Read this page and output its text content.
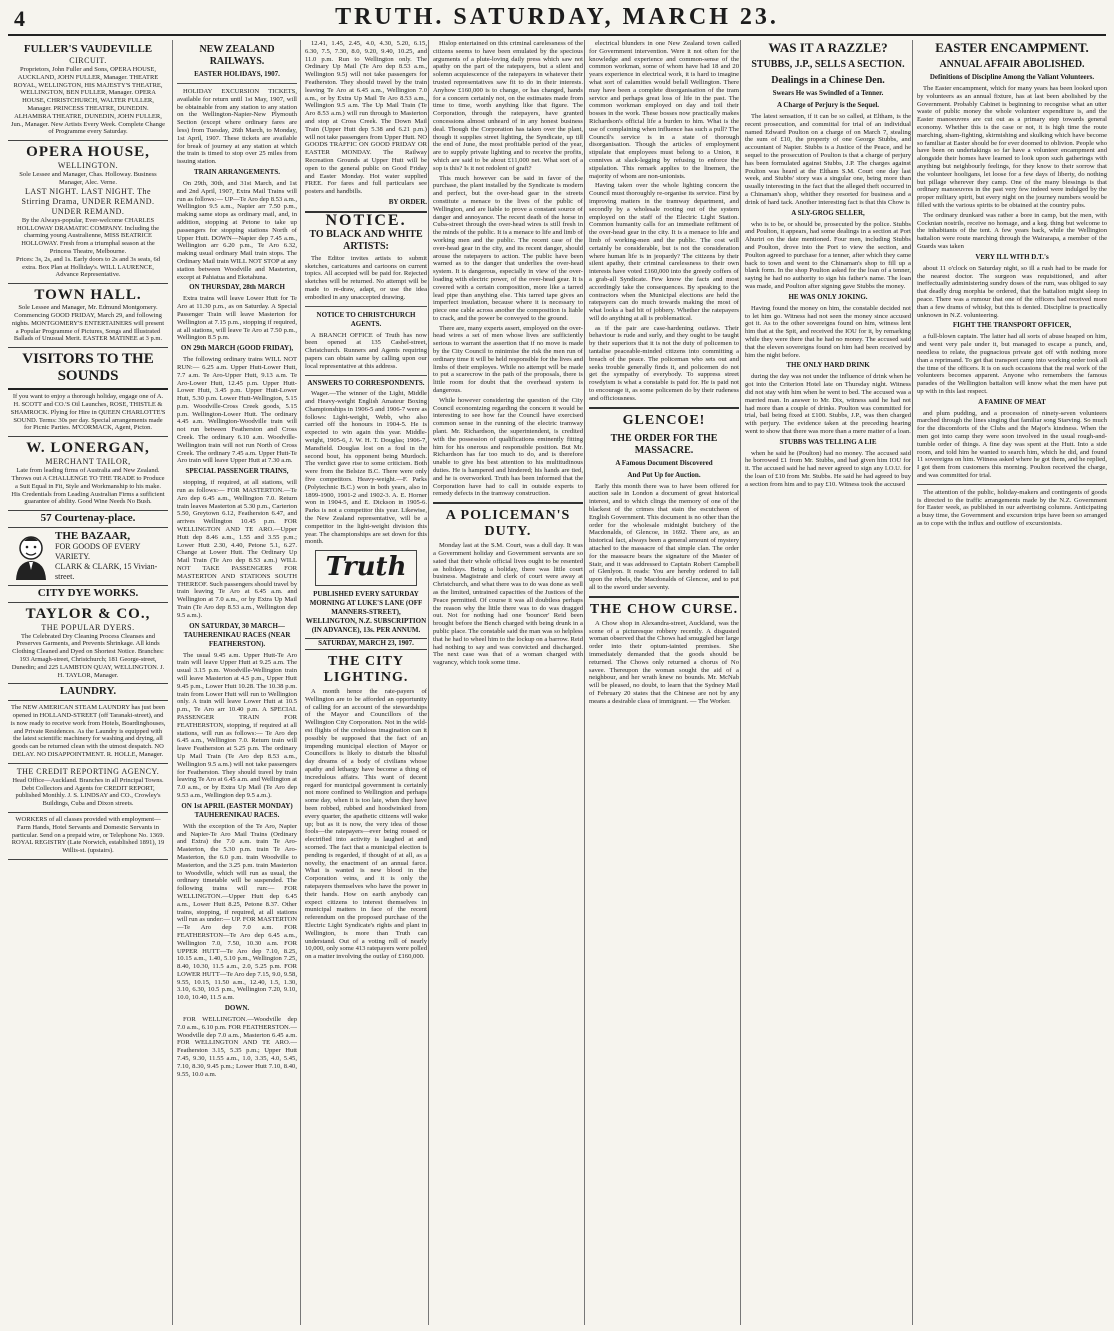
4	TRUTH. SATURDAY, MARCH 23.
FULLER'S VAUDEVILLE
CIRCUIT.
Proprietors, John Fuller and Sons, OPERA HOUSE, AUCKLAND, JOHN FULLER, Manager. THEATRE ROYAL, WELLINGTON, HIS MAJESTY'S THEATRE, WELLINGTON, BEN FULLER, Manager. OPERA HOUSE, CHRISTCHURCH, WALTER FULLER, Manager. PRINCESS THEATRE, DUNEDIN. ALHAMBRA THEATRE, DUNEDIN, JOHN FULLER, Jun., Manager. New Artists Every Week. Complete Change of Programme every Saturday.
OPERA HOUSE,
WELLINGTON.
Sole Lessee and Manager, Chas. Holloway. Business Manager, Alec. Verne.
LAST NIGHT. LAST NIGHT. The Stirring Drama, UNDER REMAND. UNDER REMAND.
By the Always-popular, Ever-welcome CHARLES HOLLOWAY DRAMATIC COMPANY. Including the charming young Australienne, MISS BEATRICE HOLLOWAY. Fresh from a triumphal season at the Princess Theatre, Melbourne.
Prices: 3s, 2s, and 1s. Early doors to 2s and 3s seats, 6d extra. Box Plan at Holliday's. WILL LAURENCE, Advance Representative.
TOWN HALL.
Sole Lessee and Manager, Mr. Edmund Montgomery. Commencing GOOD FRIDAY, March 29, and following nights. MONTGOMERY'S ENTERTAINERS will present a Popular Programme of Pictures, Songs and Illustrated Ballads of Unusual Merit. EASTER MATINEE at 3 p.m.
VISITORS TO THE SOUNDS
If you want to enjoy a thorough holiday, engage one of A. H. SCOTT and CO.'S Oil Launches, ROSE, THISTLE & SHAMROCK. Plying for Hire in QUEEN CHARLOTTE'S SOUND. Terms: 30s per day. Special arrangements made for Picnic Parties. M'CORMACK, Agent, Picton.
W. LONERGAN,
MERCHANT TAILOR,
Late from leading firms of Australia and New Zealand. Throws out A CHALLENGE TO THE TRADE to Produce a Suit Equal in Fit, Style and Workmanship to his make. His Credentials from Leading Australian Firms a sufficient guarantee of ability. Good Wine Needs No Bush.
57 Courtenay-place.
THE BAZAAR,
FOR GOODS OF EVERY VARIETY.
CLARK & CLARK, 15 Vivian-street.
CITY DYE WORKS.
TAYLOR & CO.,
THE POPULAR DYERS.
The Celebrated Dry Cleaning Process Cleanses and Preserves Garments, and Prevents Shrinkage. All kinds Clothing Cleaned and Dyed on Shortest Notice. Branches: 193 Armagh-street, Christchurch; 181 George-street, Dunedin; and 225 LAMBTON QUAY, WELLINGTON. J. H. TAYLOR, Manager.
LAUNDRY.
The NEW AMERICAN STEAM LAUNDRY has just been opened in HOLLAND-STREET (off Taranaki-street), and is now ready to receive work from Hotels, Boardinghouses, and Private Residences. As the Laundry is equipped with the latest scientific machinery for washing and drying, all goods can be returned clean with the utmost despatch. NO DELAY. NO DISAPPOINTMENT. R. HOLLE, Manager.
THE CREDIT REPORTING AGENCY.
Head Office—Auckland. Branches in all Principal Towns. Debt Collectors and Agents for CREDIT REPORT, published Monthly. J. S. LINDSAY and CO., Crowley's Buildings, Cuba and Dixon streets.
WORKERS of all classes provided with employment—Farm Hands, Hotel Servants and Domestic Servants in particular. Send on a prepaid wire, or Telephone No. 1369. ROYAL REGISTRY (Late Norwich, established 1891), 19 Willis-st. (upstairs).
NEW ZEALAND RAILWAYS.
EASTER HOLIDAYS, 1907.

HOLIDAY EXCURSION TICKETS, available for return until 1st May, 1907, will be obtainable from any station to any station on the Wellington-Napier-New Plymouth Section (except where ordinary fares are less) from Tuesday, 26th March, to Monday, 1st April, 1907. These tickets are available for break of journey at any station at which the train is timed to stop over 25 miles from issuing station.

TRAIN ARRANGEMENTS.

On 29th, 30th, and 31st March, and 1st and 2nd April, 1907, Extra Mail Trains will run as follows:— UP—Te Aro dep 8.53 a.m., Wellington 9.5 a.m., Napier arr 7.50 p.m., making same stops as ordinary mail, and, in addition, stopping at Petone to take up passengers for stopping stations North of Upper Hutt. DOWN—Napier dep 7.45 a.m., Wellington arr 6.20 p.m., Te Aro 6.32, making usual ordinary Mail train stops. The Ordinary Mail train WILL NOT STOP at any station between Woodville and Masterton, except at Pahiatua and Eketahuna.

ON THURSDAY, 28th MARCH

Extra trains will leave Lower Hutt for Te Aro at 11.30 p.m., as on Saturday. A Special Passenger Train will leave Masterton for Wellington at 7.15 p.m., stopping if required, at all stations, will leave Te Aro at 7.50 p.m., Wellington 8.5 p.m.

ON 29th MARCH (GOOD FRIDAY),

The following ordinary trains WILL NOT RUN:— 6.25 a.m. Upper Hutt-Lower Hutt, 7.7 a.m. Te Aro-Upper Hutt, 9.13 a.m. Te Aro-Lower Hutt, 12.45 p.m. Upper Hutt-Lower Hutt, 3.45 p.m. Upper Hutt-Lower Hutt, 5.30 p.m. Lower Hutt-Wellington, 5.15 p.m. Woodville-Cross Creek goods, 5.15 p.m. Wellington-Lower Hutt. The ordinary 4.45 a.m. Wellington-Woodville train will not run between Featherston and Cross Creek. The ordinary 6.10 a.m. Woodville-Wellington train will not run North of Cross Creek. The ordinary 7.45 a.m. Upper Hutt-Te Aro train will leave Upper Hutt at 7.30 a.m.

SPECIAL PASSENGER TRAINS,

stopping, if required, at all stations, will run as follows:— FOR MASTERTON.—Te Aro dep 6.45 a.m., Wellington 7.0. Return train leaves Masterton at 5.30 p.m., Carterton 5.50, Greytown 6.12, Featherston 6.47, and arrives Wellington 10.45 p.m. FOR WELLINGTON AND TE ARO.—Upper Hutt dep 8.46 a.m., 1.55 and 3.55 p.m.; Lower Hutt 2.30, 4.40, Petone 5.1, 6.27. Change at Lower Hutt. The Ordinary Up Mail Train (Te Aro dep 8.53 a.m.) WILL NOT TAKE PASSENGERS FOR MASTERTON AND STATIONS SOUTH THEREOF. Such passengers should travel by train leaving Te Aro at 6.45 a.m. and Wellington at 7.0 a.m., or by Extra Up Mail Train (Te Aro dep 8.53 a.m., Wellington dep 9.5 a.m.).

ON SATURDAY, 30 MARCH—TAUHERENIKAU RACES (NEAR FEATHERSTON).

The usual 9.45 a.m. Upper Hutt-Te Aro train will leave Upper Hutt at 9.25 a.m. The usual 3.15 p.m. Woodville-Wellington train will leave Masterton at 4.5 p.m., Upper Hutt 9.45 p.m., Lower Hutt 10.28. The 10.38 p.m. train from Lower Hutt will run to Wellington only. A train will leave Lower Hutt at 10.5 p.m., Te Aro arr 10.40 p.m. A SPECIAL PASSENGER TRAIN FOR FEATHERSTON, stopping, if required at all stations, will run as follows:— Te Aro dep 6.45 a.m., Wellington 7.0. Return train will leave Featherston at 5.25 p.m. The ordinary Up Mail Train (Te Aro dep 8.53 a.m., Wellington 9.5 a.m.) will not take passengers for Featherston. They should travel by train leaving Te Aro at 6.45 a.m. and Wellington at 7.0 a.m., or by Extra Up Mail (Te Aro dep 9.53 a.m., Wellington dep 9.5 a.m.).

ON 1st APRIL (EASTER MONDAY) TAUHERENIKAU RACES.

With the exception of the Te Aro, Napier and Napier-Te Aro Mail Trains (Ordinary and Extra) the 7.0 a.m. train Te Aro-Masterton, the 5.30 p.m. train Te Aro-Masterton, the 6.0 p.m. train Woodville to Masterton, and the 3.25 p.m. train Masterton to Woodville, which will run as usual, the ordinary timetable will be suspended. The following trains will run:— FOR WELLINGTON.—Upper Hutt dep 6.45 a.m., Lower Hutt 8.25, Petone 8.37. Other trains, stopping, if required, at all stations will run as under:— UP. FOR MASTERTON—Te Aro dep 7.0 a.m. FOR FEATHERSTON—Te Aro dep 6.45 a.m., Wellington 7.0, 7.50, 10.30 a.m. FOR UPPER HUTT—Te Aro dep 7.10, 8.25, 10.15 a.m., 1.40, 5.10 p.m., Wellington 7.25, 8.40, 10.30, 11.5 a.m., 2.0, 5.25 p.m. FOR LOWER HUTT—Te Aro dep 7.15, 9.0, 9.58, 9.55, 10.15, 11.50 a.m., 12.40, 1.5, 1.30, 3.10, 6.30, 10.5 p.m., Wellington 7.20, 9.10, 10.0, 10.40, 11.5 a.m.

DOWN.

FOR WELLINGTON.—Woodville dep 7.0 a.m., 6.10 p.m. FOR FEATHERSTON.—Woodville dep 7.0 a.m., Masterton 6.45 a.m. FOR WELLINGTON AND TE ARO.—Featherston 3.15, 5.35 p.m.; Upper Hutt 7.45, 9.30, 11.55 a.m., 1.0, 3.35, 4.0, 5.45, 7.10, 8.30, 9.45 p.m.; Lower Hutt 7.10, 8.40, 9.55, 10.0 a.m.

12.41, 1.45, 2.45, 4.0, 4.30, 5.20, 6.15, 6.30, 7.5, 7.30, 8.0, 9.20, 9.40, 10.25, and 11.0 p.m. Run to Wellington only. The Ordinary Up Mail (Te Aro dep 8.53 a.m., Wellington 9.5) will not take passengers for Featherston. They should travel by the train leaving Te Aro at 6.45 a.m., Wellington 7.0 a.m., or by Extra Up Mail Te Aro 8.53 a.m., Wellington 9.5 a.m. The Up Mail Train (Te Aro 8.53 a.m.) will run through to Masterton and stop at Cross Creek. The Down Mail Train (Upper Hutt dep 5.38 and 6.21 p.m.) will not take passengers from Upper Hutt. NO GOODS TRAFFIC ON GOOD FRIDAY OR EASTER MONDAY. The Railway Recreation Grounds at Upper Hutt will be open to the general public on Good Friday and Easter Monday. Hot water supplied FREE. For fares and full particulars see posters and handbills.

BY ORDER.
NOTICE.
TO BLACK AND WHITE ARTISTS:

The Editor invites artists to submit sketches, caricatures and cartoons on current topics. All accepted will be paid for. Rejected sketches will be returned. No attempt will be made to re-draw, adapt, or use the idea embodied in any unaccepted drawing.

NOTICE TO CHRISTCHURCH AGENTS.

A BRANCH OFFICE of Truth has now been opened at 135 Cashel-street, Christchurch. Runners and Agents requiring papers can obtain same by calling upon our local representative at this address.

ANSWERS TO CORRESPONDENTS.

Wager.—The winner of the Light, Middle and Heavy-weight English Amateur Boxing Championships in 1906-5 and 1906-7 were as follows: Light-weight, Webb, who also carried off the honours in 1904-5. He is expected to win again this year. Middle-weight, 1905-6, J. W. H. T. Douglas; 1906-7, Mansfield. Douglas lost on a foul in the second bout, his opponent being Murdoch. The verdict gave rise to some criticism. Both were from the Belsize B.C. There were only five competitors. Heavy-weight.—F. Parks (Polytechnic B.C.) won in both years, also in 1899-1900, 1901-2 and 1902-3. A. E. Horner won in 1904-5, and E. Dickson in 1905-6. Parks is not a competitor this year. Likewise, the New Zealand representative, will be a competitor in the light-weight division this year. The championships are set down for this month.

Truth
PUBLISHED EVERY SATURDAY MORNING AT LUKE'S LANE (OFF MANNERS-STREET), WELLINGTON, N.Z. SUBSCRIPTION (IN ADVANCE), 13s. PER ANNUM.
SATURDAY, MARCH 23, 1907.
THE CITY LIGHTING.

A month hence the rate-payers of Wellington are to be afforded an opportunity of calling for an account of the stewardships of the Mayor and Councillors of the Wellington City Corporation. Not in the wild-est flights of the credulous imagination can it possibly be supposed that the fact of an impending municipal election of Mayor or Councillors is likely to disturb the blissful day dreams of a body of civilians whose apathy and lethargy have become a thing of incredulous affairs. This want of decent regard for municipal government is certainly not more confined to Wellington and perhaps some day, when it is too late, when they have been robbed, rubbed and hoodwinked from every quarter, the apathetic citizens will wake up; but as it is now, the very idea of those fools—the ratepayers—ever being roused or electrified into activity is laughed at and scorned. The fact that a municipal election is pending is regarded, if thought of at all, as a novelty, the enactment of an annual farce. What is wanted is new blood in the Corporation veins, and it is only the ratepayers themselves who have the power in their hands. How on earth anybody can expect citizens to interest themselves in municipal matters in face of the recent referendum on the proposed purchase of the Electric Light Syndicate's rights and plant in Wellington, is more than Truth can understand. Out of a voting roll of nearly 10,000, only some 413 ratepayers were polled on a matter involving the outlay of £160,000.

Hislop entertained on this criminal carelessness of the citizens seems to have been emulated by the specious arguments of a plute-loving daily press which saw not apathy on the part of the ratepayers, but a silent and solemn acquiescence of the ratepayers in whatever their trusted representatives saw fit to do in their interests. Anyhow £160,000 is to change, or has changed, hands for a concern certainly not, on the estimates made from time to time, worth anything like that figure. The Corporation, through the ratepayers, have granted concessions almost unheard of in any honest business deal. Though the Corporation has taken over the plant, though it supplies street lighting, the Syndicate, up till the end of June, the most profitable period of the year, are to supply private lighting and to receive the profits, which are said to be about £11,000 net. What sort of a sop is this? Is it not redolent of graft?

This much however can be said in favor of the purchase, the plant installed by the Syndicate is modern and perfect, but the over-head gear in the streets constitute a menace to the lives of the public of Wellington, and are liable to prove a constant source of danger and annoyance. The recent death of the horse in Cuba-street through the over-head wires is still fresh in the minds of the public. It is a menace to life and limb of working men and the public. The recent case of the over-head gear in the city, and its recent danger, should arouse the ratepayers to action. The public have been warned as to the danger that underlies the over-head system. It is dangerous, especially in view of the over-loading with electric power, of the over-head gear. It is covered with a certain composition, more like a tarred lead pipe than anything else. This tarred tape gives an imperfect insulation, because where it is necessary to piece one cable across another the composition is liable to crack, and the power be conveyed to the ground.

There are, many experts assert, employed on the over-head wires a set of men whose lives are sufficiently serious to warrant the assertion that if no move is made by the City Council to minimise the risk the men run of ordinary time it will be held responsible for the lives and limbs of their employes. While no attempt will be made to put a scarecrow in the path of the proposals, there is little room for doubt that the overhead system is dangerous.

While however considering the question of the City Council economizing regarding the concern it would be interesting to see how far the Council have exercised common sense in the running of the electric tramway plant. Mr. Richardson, the superintendent, is credited with the possession of qualifications eminently fitting him for his onerous and responsible position. But Mr. Richardson has far too much to do, and is therefore unable to give his best attention to his multitudinous duties. He is hampered and hindered; his hands are tied, and he is overworked. Truth has been informed that the Corporation have had to call in outside experts to remedy defects in the tramway construction.

A POLICEMAN'S DUTY.

Monday last at the S.M. Court, was a dull day. It was a Government holiday and Government servants are so sated that their whole official lives ought to be resented as holidays. Being a holiday, there was little court business. Magistrate and clerk of court were away at Christchurch, and what there was to do was done as well as the limited, untrained capacities of the Justices of the Peace permitted. Of course it was all doubtless perhaps the reason why the little there was to do was dragged out. Not for nothing had one 'bouncer' Reid been brought before the Bench charged with being drunk in a public place. The constable said the man was so helpless that he had to wheel him to the lockup on a barrow. Reid had nothing to say and was convicted and discharged. The next case was that of a woman charged with vagrancy, which took some time.

electrical blunders in one New Zealand town called for Government intervention. Were it not often for the knowledge and experience and common-sense of the common workman, some of whom have had 18 and 20 years experience in electrical work, it is hard to imagine what sort of calamities would befall Wellington. There may have been a complete disorganisation of the tram service and perhaps great loss of life in the past. The common workman employed on day and toil their bosses in the work. These bosses now practically makes Richardson's official life a burden to him. What is the use of complaining when influence has such a pull? The Council's service is in a state of thorough disorganisation. Though the articles of employment stipulate that employees must belong to a Union, it connives at slack-legging by refusing to enforce the stipulation. This remark applies to the linemen, the majority of whom are non-unionists.

Having taken over the whole lighting concern the Council must thoroughly re-organise its service. First by improving matters in the tramway department, and secondly by a wholesale rooting out of the system employed on the staff of the Electric Light Station. Common humanity calls for an immediate refitment of the over-head gear in the city. It is a menace to life and limb of working-men and the public. The cost will certainly be considerable, but is not the consideration where human life is in jeopardy? The citizens by their silent apathy, their criminal carelessness to their own interests have voted £160,000 into the greedy coffers of a grab-all Syndicate. Few know the facts and most accordingly take the consequences. By speaking to the contractors when the Municipal elections are held the ratepayers can do much towards making the most of what looks a bad bit of jobbery. Whether the ratepayers will do anything at all is problematical.

as if the pair are case-hardening outlaws. Their behaviour is rude and surly, and they ought to be taught by their superiors that it is not the duty of policemen to tantalise peaceable-minded citizens into committing a breach of the peace. The policeman who sets out and seeks trouble generally finds it, and policemen do not get the sympathy of everybody. To suppress street rowdyism is what a constable is paid for. He is paid not to encourage it, as some policemen do by their rudeness and officiousness.

GLENCOE!
THE ORDER FOR THE MASSACRE.
A Famous Document Discovered
And Put Up for Auction.

Early this month there was to have been offered for auction sale in London a document of great historical interest, and to which clings the memory of one of the blackest of the crimes that stain the escutcheon of English Government. This document is no other than the order for the wholesale midnight butchery of the Macdonalds, of Glencoe, in 1692. There are, as an historical fact, always been a general amount of mystery attached to the massacre of that simple clan. The order for the massacre bears the signature of the Master of Stair, and it was addressed to Captain Robert Campbell of Glenlyon. It reads: You are hereby ordered to fall upon the rebels, the Macdonalds of Glencoe, and to put all to the sword under seventy.

THE CHOW CURSE.

A Chow shop in Alexandra-street, Auckland, was the scene of a picturesque robbery recently. A disgusted woman observed that the Chows had smuggled her large order into their opium-tainted premises. She immediately demanded that the goods should be returned. The Chows only returned a chorus of No savee. Thereupon the woman sought the aid of a neighbour, and her wrath knew no bounds. Mr. McNab will be pleased, no doubt, to learn that the Sydney Mail of February 20 states that the Chinese are not by any means a desirable class of immigrant. — The Worker.

WAS IT A RAZZLE?
STUBBS, J.P., SELLS A SECTION.
Dealings in a Chinese Den.
Swears He was Swindled of a Tenner.
A Charge of Perjury is the Sequel.

The latest sensation, if it can be so called, at Eltham, is the recent prosecution, and committal for trial of an individual named Edward Poulton on a charge of on March 7, stealing the sum of £10, the property of one George Stubbs, and accountant of Napier. Stubbs is a Justice of the Peace, and he sequel to the prosecution of Poulton is that a charge of perjury has been formulated against Stubbs, J.P. The charges against Poulton was heard at the Eltham S.M. Court one day last week, and Stubbs' story was a singular one, being more than usually interesting in the fact that the alleged theft occurred in a Chinaman's shop, whither they resorted for business and a drink of hard tack. Another interesting fact is that this Chow is

A SLY-GROG SELLER,

who is to be, or should be, prosecuted by the police. Stubbs and Poulton, it appears, had some dealings in a section at Port Ahuriri on the date mentioned. Four men, including Stubbs and Poulton, drove into the Port to view the section, and Poulton agreed to purchase for a tenner, after which they came back to town and went to the Chinaman's shop to fill up a blank form. In the shop Poulton asked for the loan of a tenner, saying he had no authority to sign his father's name. The loan was made, and Poulton after signing gave Stubbs the money.

HE WAS ONLY JOKING.

Having found the money on him, the constable decided not to let him go. Witness had not seen the money since accused got it. As to the other sovereigns found on him, witness lent him that at the Spit, and received the IOU for it, by remarking while they were there that he had no money. The accused said that the eleven sovereigns found on him had been received by him the night before.

THE ONLY HARD DRINK

during the day was not under the influence of drink when he got into the Criterion Hotel late on Thursday night. Witness did not stay with him when he went to bed. The accused was a married man. In answer to Mr. Dix, witness said he had not had more than a couple of drinks. Poulton was committed for trial, bail being fixed at £100. Stubbs, J.P., was then charged with perjury. The evidence taken at the preceding hearing went to show that there was more than a mere matter of a loan.

STUBBS WAS TELLING A LIE

when he said he (Poulton) had no money. The accused said he borrowed £1 from Mr. Stubbs, and had given him IOU for it. The accused said he had never agreed to sign any I.O.U. for the loan of £10 from Mr. Stubbs. He said he had agreed to buy a section from him and to pay £10. Witness took the accused

EASTER ENCAMPMENT.
ANNUAL AFFAIR ABOLISHED.
Definitions of Discipline Among the Valiant Volunteers.

The Easter encampment, which for many years has been looked upon by volunteers as an annual fixture, has at last been abolished by the Government. Probably Cabinet is beginning to recognise what an utter waste of public money the whole volunteer expenditure is, and the Easter manoeuvres are cut out as a primary step towards general economy. Whether this is the case or not, it is high time the route marching, sham-fighting, skirmishing and skulking which have become so familiar at Easter should be for ever doomed to oblivion. People who have been on undertakings so far have a volunteer encampment and alongside their homes have learned to look upon such gatherings with anything but neighbourly feelings, for they know to their sorrow that the volunteer hooligans, let loose for a few days of liberty, do nothing but pillage wherever they camp. One of the many blessings is that ordinary manoeuvres in the past very few indeed were indulged by the proper military spirit, but every night on the journey numbers would be filled with the various spirits to be obtained at the country pubs.

The ordinary drunkard was rather a bore in camp, but the men, with Cocknian nostrils, receive no homage, and a keg. thing but welcome to the inhabitants of the tent. A few years back, while the Wellington battalion were route marching through the Wairarapa, a member of the Guards was taken

VERY ILL WITH D.T.'s

about 11 o'clock on Saturday night, so ill a rush had to be made for the nearest doctor. The surgeon was requisitioned, and after ineffectually administering sundry doses of the rum, was obliged to say that deadly drug morphia be ordered, that the battalion might sleep in peace. There was a rumour that one of the officers had received more than a few drams of whisky, but this is denied. Discipline is practically unknown in N.Z. volunteering.

FIGHT THE TRANSPORT OFFICER,

a full-blown captain. The latter had all sorts of abuse heaped on him, and went very pale under it, but managed to escape a punch, and, needless to relate, the pugnacious private got off with nothing more than a reprimand. To get that transport camp into working order took all the time of the officers. It is on such occasions that the real work of the volunteers becomes apparent. Anyone who remembers the famous parades of the Wellington battalion will know what the men have put up with in this last respect.

A FAMINE OF MEAT

and plum pudding, and a procession of ninety-seven volunteers marched through the lines singing that familiar song Starving. So much for the discomforts of the Clubs and the Major's kindness. When the men got into camp they were soon involved in the usual rough-and-tumble order of things. A fine day was spent at the Hutt. Into a side room, and told him he wanted to search him, which he did, and found 11 sovereigns on him. Witness asked where he got them, and he replied, I got them from customers this morning. Poulton received the charge, and was committed for trial.

The attention of the public, holiday-makers and contingents of goods is directed to the traffic arrangements made by the N.Z. Government for Easter week, as published in our advertising columns. Anticipating a busy time, the Government and excursion trips have been so arranged as to cope with the influx and outflow of excursionists.
